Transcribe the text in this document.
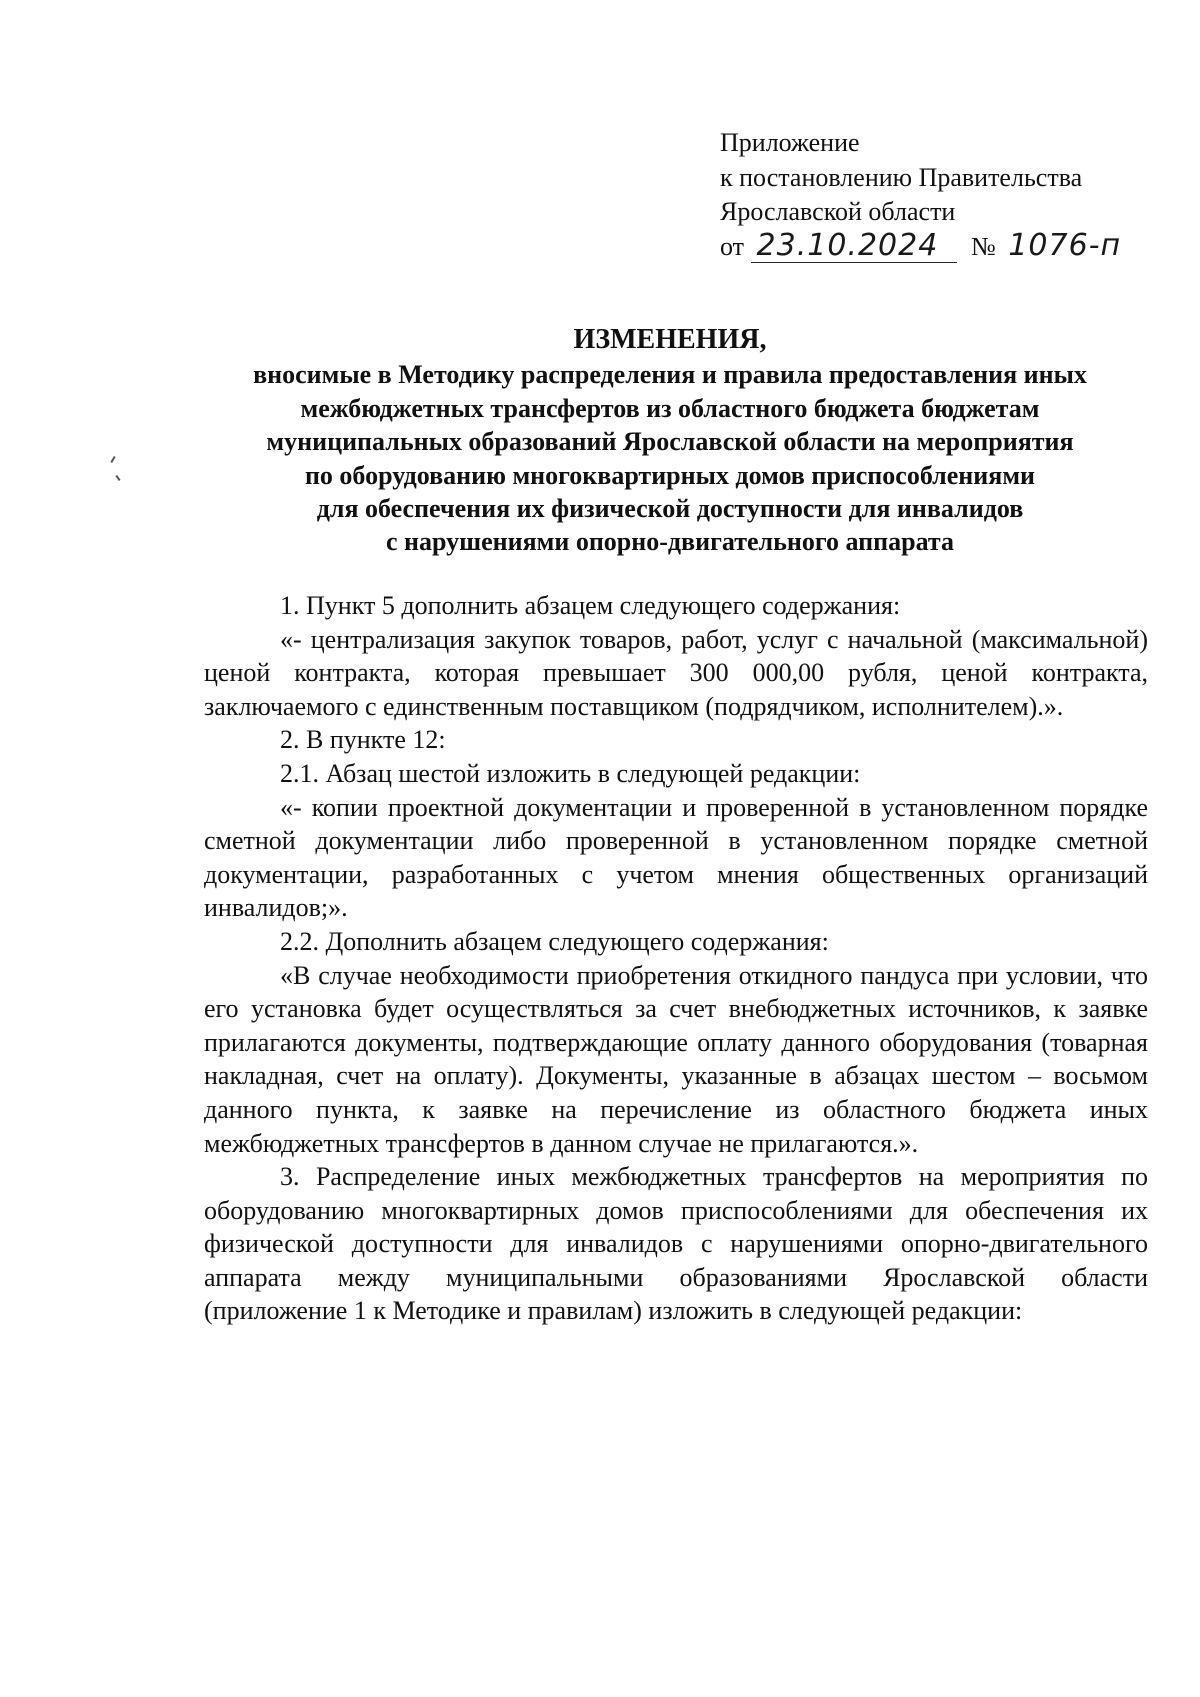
Приложение
к постановлению Правительства
Ярославской области
от 23.10.2024 № 1076-п
ИЗМЕНЕНИЯ,
вносимые в Методику распределения и правила предоставления иных
межбюджетных трансфертов из областного бюджета бюджетам
муниципальных образований Ярославской области на мероприятия
по оборудованию многоквартирных домов приспособлениями
для обеспечения их физической доступности для инвалидов
с нарушениями опорно-двигательного аппарата

1. Пункт 5 дополнить абзацем следующего содержания:

«- централизация закупок товаров, работ, услуг с начальной (максимальной) ценой контракта, которая превышает 300 000,00 рубля, ценой контракта, заключаемого с единственным поставщиком (подрядчиком, исполнителем).».

2. В пункте 12:

2.1. Абзац шестой изложить в следующей редакции:

«- копии проектной документации и проверенной в установленном порядке сметной документации либо проверенной в установленном порядке сметной документации, разработанных с учетом мнения общественных организаций инвалидов;».

2.2. Дополнить абзацем следующего содержания:

«В случае необходимости приобретения откидного пандуса при условии, что его установка будет осуществляться за счет внебюджетных источников, к заявке прилагаются документы, подтверждающие оплату данного оборудования (товарная накладная, счет на оплату). Документы, указанные в абзацах шестом – восьмом данного пункта, к заявке на перечисление из областного бюджета иных межбюджетных трансфертов в данном случае не прилагаются.».

3. Распределение иных межбюджетных трансфертов на мероприятия по оборудованию многоквартирных домов приспособлениями для обеспечения их физической доступности для инвалидов с нарушениями опорно-двигательного аппарата между муниципальными образованиями Ярославской области (приложение 1 к Методике и правилам) изложить в следующей редакции:
